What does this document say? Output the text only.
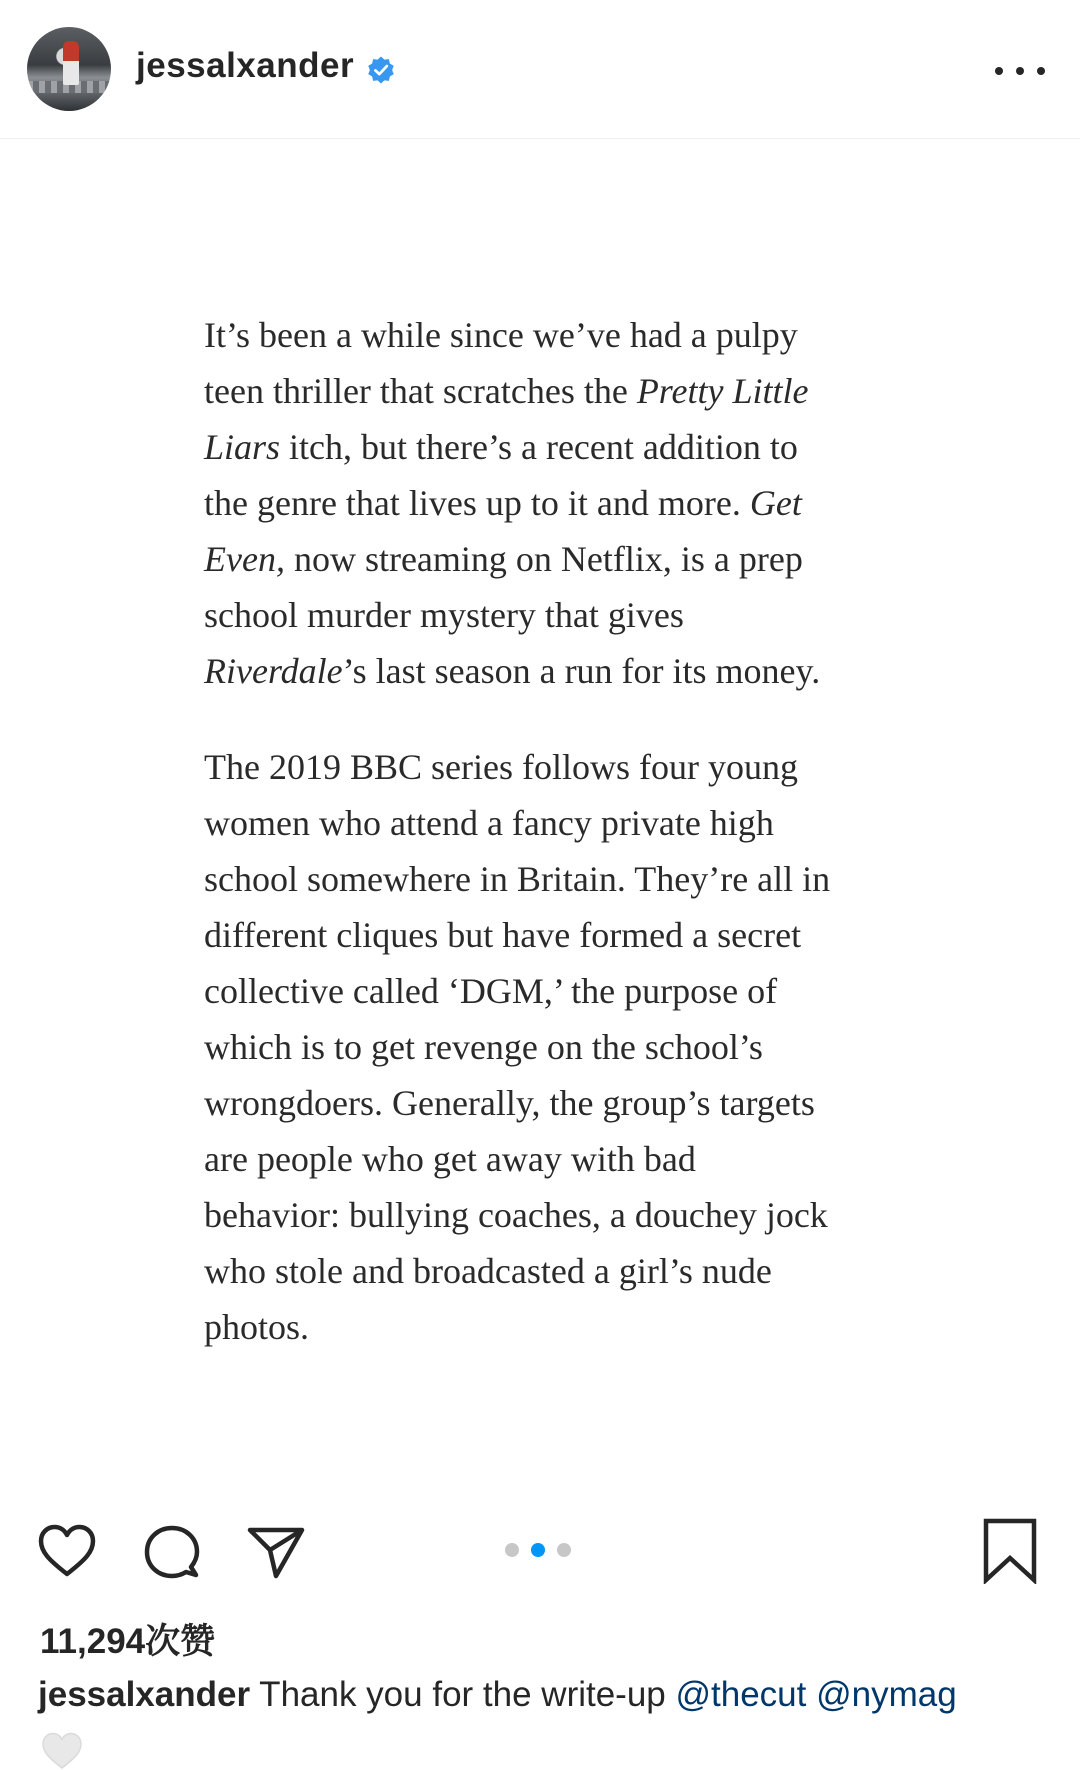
jessalxander

It’s been a while since we’ve had a pulpy
teen thriller that scratches the Pretty Little
Liars itch, but there’s a recent addition to
the genre that lives up to it and more. Get
Even, now streaming on Netflix, is a prep
school murder mystery that gives
Riverdale’s last season a run for its money.

The 2019 BBC series follows four young
women who attend a fancy private high
school somewhere in Britain. They’re all in
different cliques but have formed a secret
collective called ‘DGM,’ the purpose of
which is to get revenge on the school’s
wrongdoers. Generally, the group’s targets
are people who get away with bad
behavior: bullying coaches, a douchey jock
who stole and broadcasted a girl’s nude
photos.

11,294次赞
jessalxander Thank you for the write-up @thecut @nymag
